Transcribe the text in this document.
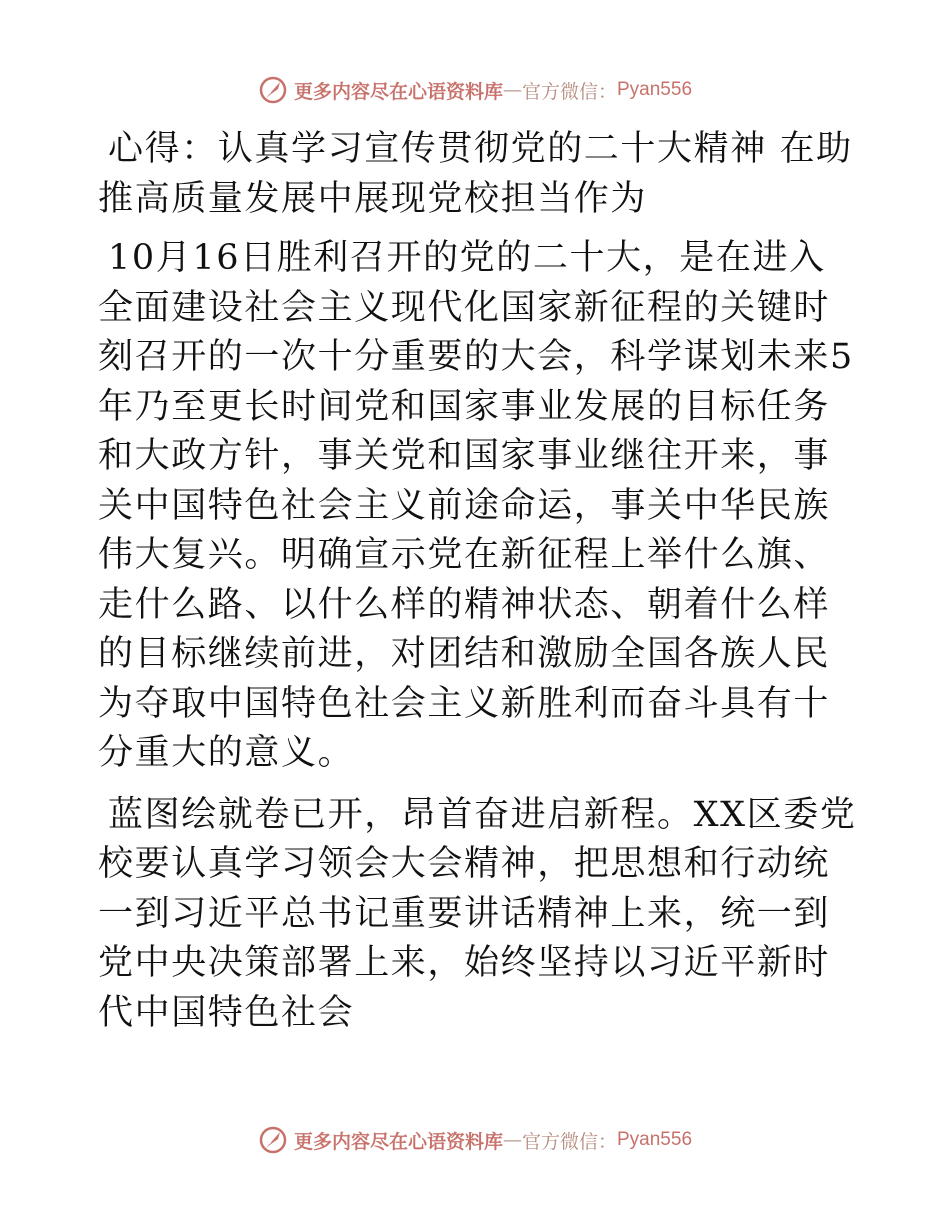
更多内容尽在心语资料库 — 官方微信： Pyan556
心得：认真学习宣传贯彻党的二十大精神 在助推高质量发展中展现党校担当作为

10月16日胜利召开的党的二十大，是在进入全面建设社会主义现代化国家新征程的关键时刻召开的一次十分重要的大会，科学谋划未来5年乃至更长时间党和国家事业发展的目标任务和大政方针，事关党和国家事业继往开来，事关中国特色社会主义前途命运，事关中华民族伟大复兴。明确宣示党在新征程上举什么旗、走什么路、以什么样的精神状态、朝着什么样的目标继续前进，对团结和激励全国各族人民为夺取中国特色社会主义新胜利而奋斗具有十分重大的意义。

蓝图绘就卷已开，昂首奋进启新程。XX区委党校要认真学习领会大会精神，把思想和行动统一到习近平总书记重要讲话精神上来，统一到党中央决策部署上来，始终坚持以习近平新时代中国特色社会

更多内容尽在心语资料库 — 官方微信： Pyan556
